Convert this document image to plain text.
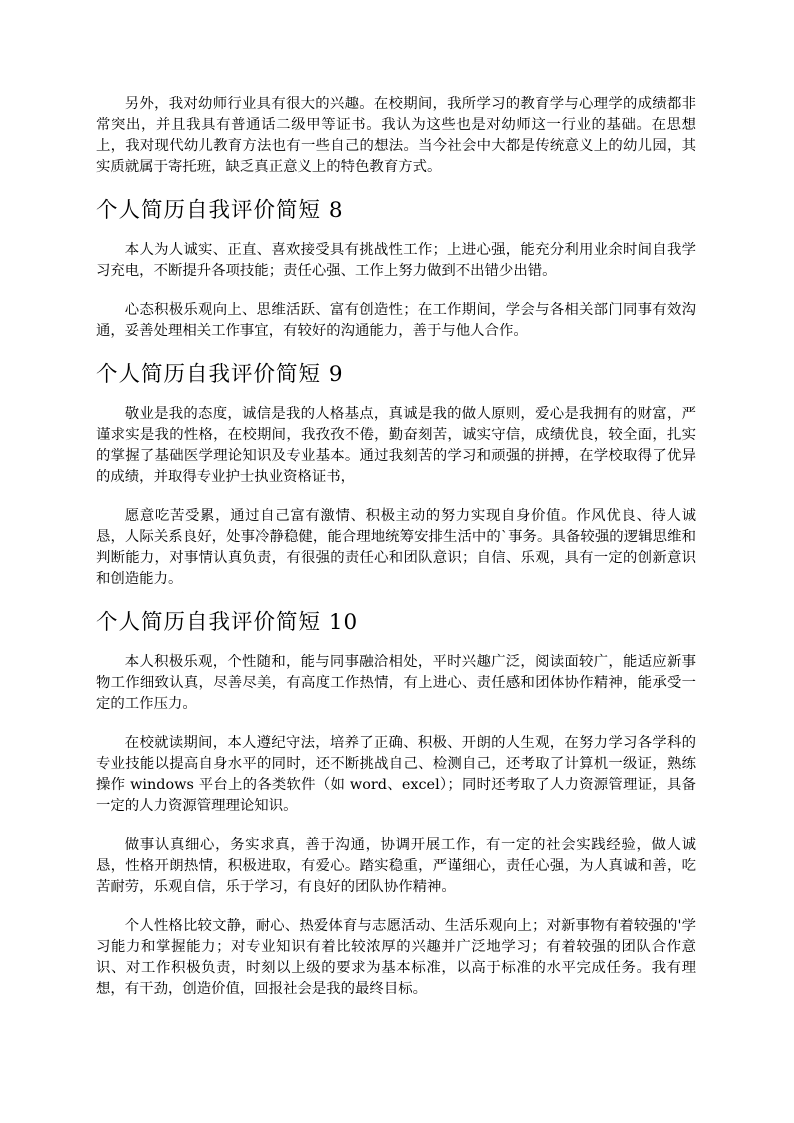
另外，我对幼师行业具有很大的兴趣。在校期间，我所学习的教育学与心理学的成绩都非常突出，并且我具有普通话二级甲等证书。我认为这些也是对幼师这一行业的基础。在思想上，我对现代幼儿教育方法也有一些自己的想法。当今社会中大都是传统意义上的幼儿园，其实质就属于寄托班，缺乏真正意义上的特色教育方式。

个人简历自我评价简短 8

本人为人诚实、正直、喜欢接受具有挑战性工作；上进心强，能充分利用业余时间自我学习充电，不断提升各项技能；责任心强、工作上努力做到不出错少出错。

心态积极乐观向上、思维活跃、富有创造性；在工作期间，学会与各相关部门同事有效沟通，妥善处理相关工作事宜，有较好的沟通能力，善于与他人合作。

个人简历自我评价简短 9

敬业是我的态度，诚信是我的人格基点，真诚是我的做人原则，爱心是我拥有的财富，严谨求实是我的性格，在校期间，我孜孜不倦，勤奋刻苦，诚实守信，成绩优良，较全面，扎实的掌握了基础医学理论知识及专业基本。通过我刻苦的学习和顽强的拼搏，在学校取得了优异的成绩，并取得专业护士执业资格证书，

愿意吃苦受累，通过自己富有激情、积极主动的努力实现自身价值。作风优良、待人诚恳，人际关系良好，处事冷静稳健，能合理地统筹安排生活中的`事务。具备较强的逻辑思维和判断能力，对事情认真负责，有很强的责任心和团队意识；自信、乐观，具有一定的创新意识和创造能力。

个人简历自我评价简短 10

本人积极乐观，个性随和，能与同事融洽相处，平时兴趣广泛，阅读面较广，能适应新事物工作细致认真，尽善尽美，有高度工作热情，有上进心、责任感和团体协作精神，能承受一定的工作压力。

在校就读期间，本人遵纪守法，培养了正确、积极、开朗的人生观，在努力学习各学科的专业技能以提高自身水平的同时，还不断挑战自己、检测自己，还考取了计算机一级证，熟练操作 windows 平台上的各类软件（如 word、excel）；同时还考取了人力资源管理证，具备一定的人力资源管理理论知识。

做事认真细心，务实求真，善于沟通，协调开展工作，有一定的社会实践经验，做人诚恳，性格开朗热情，积极进取，有爱心。踏实稳重，严谨细心，责任心强，为人真诚和善，吃苦耐劳，乐观自信，乐于学习，有良好的团队协作精神。

个人性格比较文静，耐心、热爱体育与志愿活动、生活乐观向上；对新事物有着较强的'学习能力和掌握能力；对专业知识有着比较浓厚的兴趣并广泛地学习；有着较强的团队合作意识、对工作积极负责，时刻以上级的要求为基本标准，以高于标准的水平完成任务。我有理想，有干劲，创造价值，回报社会是我的最终目标。
